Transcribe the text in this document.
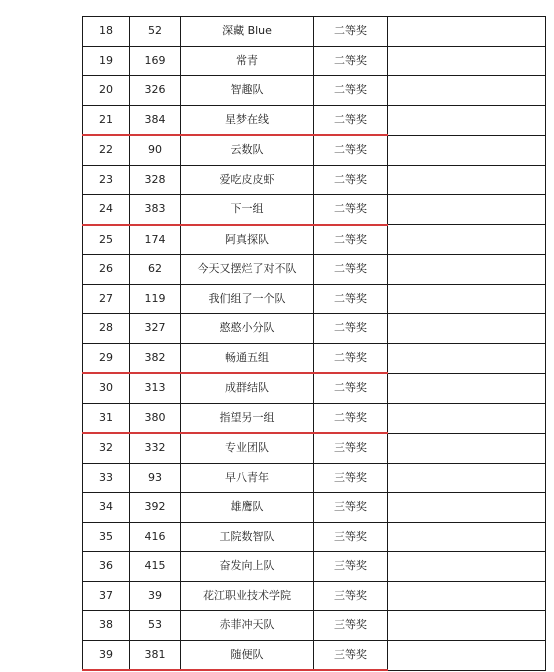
18	52	深藏 Blue	二等奖	
19	169	常青	二等奖	
20	326	智趣队	二等奖	
21	384	星梦在线	二等奖	
22	90	云数队	二等奖	
23	328	爱吃皮皮虾	二等奖	
24	383	下一组	二等奖	
25	174	阿真探队	二等奖	
26	62	今天又摆烂了对不队	二等奖	
27	119	我们组了一个队	二等奖	
28	327	憨憨小分队	二等奖	
29	382	畅通五组	二等奖	
30	313	成群结队	二等奖	
31	380	指望另一组	二等奖	
32	332	专业团队	三等奖	
33	93	早八青年	三等奖	
34	392	雄鹰队	三等奖	
35	416	工院数智队	三等奖	
36	415	奋发向上队	三等奖	
37	39	花江职业技术学院	三等奖	
38	53	赤菲冲天队	三等奖	
39	381	随便队	三等奖	
